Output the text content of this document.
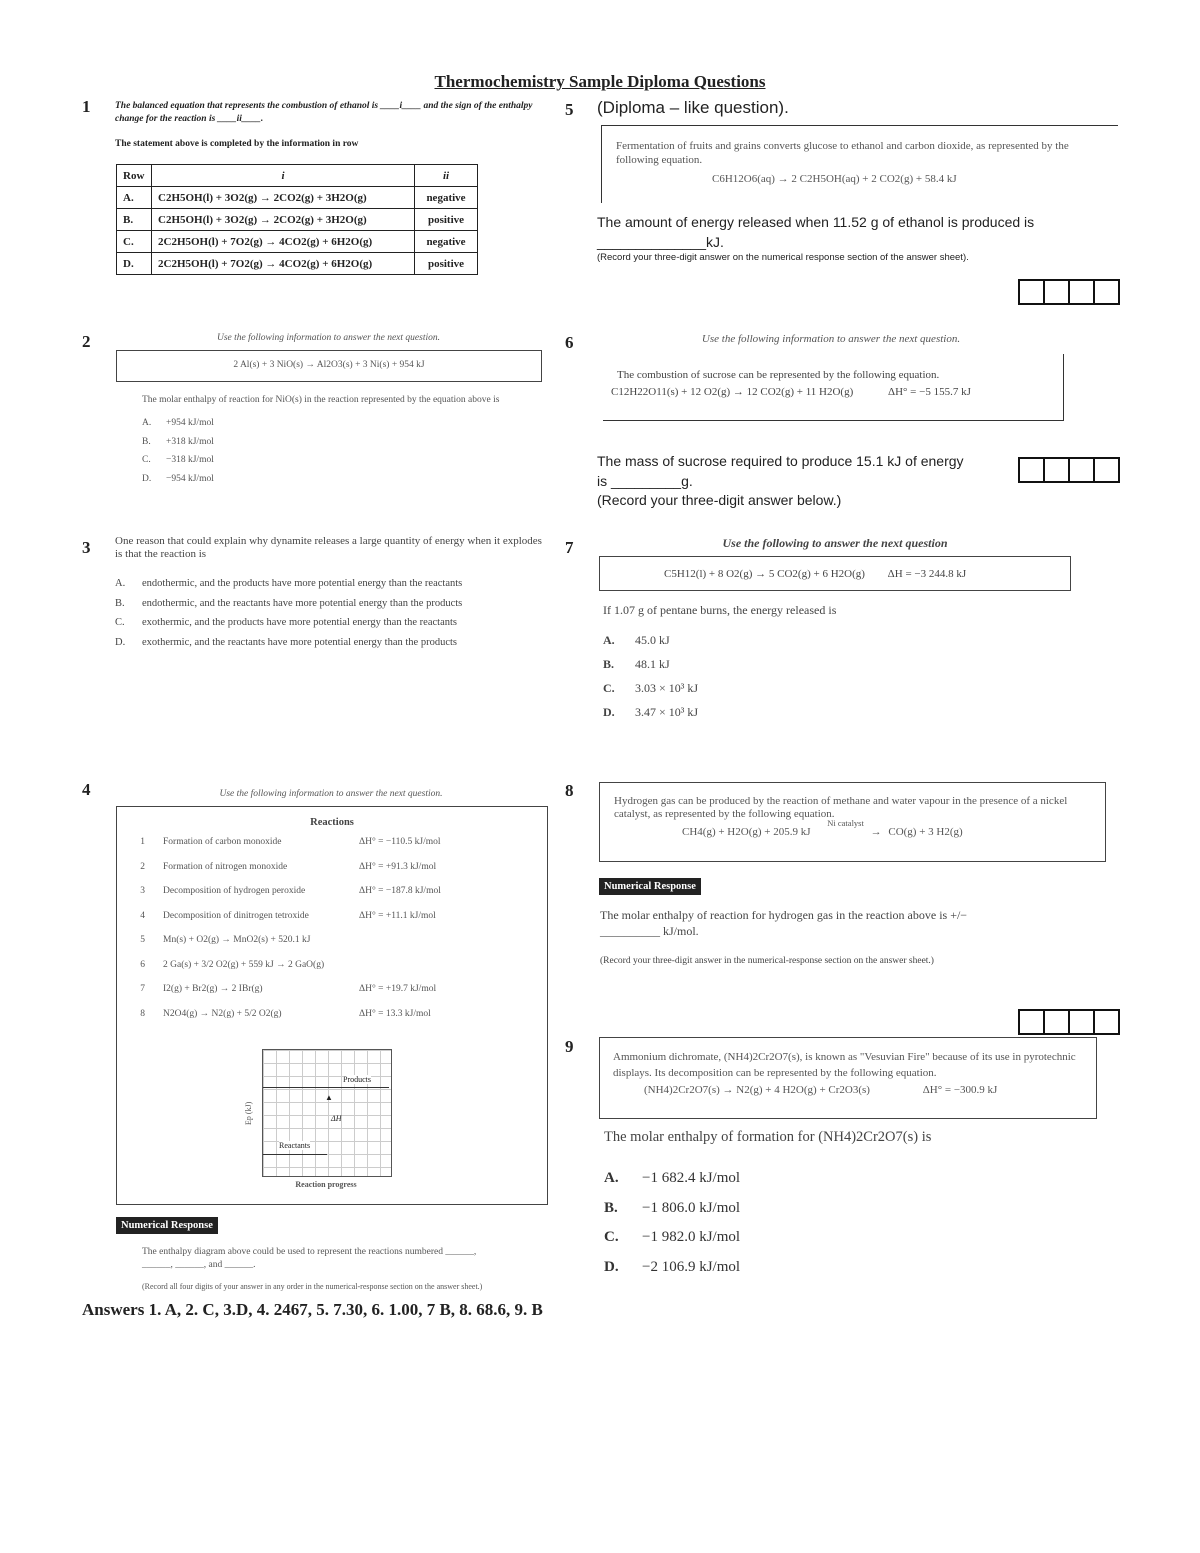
Thermochemistry Sample Diploma Questions
1	The balanced equation that represents the combustion of ethanol is ____i____ and the sign of the enthalpy change for the reaction is ____ii____.
The statement above is completed by the information in row
Row	i	ii
A.	C2H5OH(l) + 3O2(g) → 2CO2(g) + 3H2O(g)	negative
B.	C2H5OH(l) + 3O2(g) → 2CO2(g) + 3H2O(g)	positive
C.	2C2H5OH(l) + 7O2(g) → 4CO2(g) + 6H2O(g)	negative
D.	2C2H5OH(l) + 7O2(g) → 4CO2(g) + 6H2O(g)	positive
5 (Diploma – like question).
Fermentation of fruits and grains converts glucose to ethanol and carbon dioxide, as represented by the following equation.
C6H12O6(aq) → 2 C2H5OH(aq) + 2 CO2(g) + 58.4 kJ
The amount of energy released when 11.52 g of ethanol is produced is ______________kJ.
(Record your three-digit answer on the numerical response section of the answer sheet).
2	Use the following information to answer the next question.
2 Al(s) + 3 NiO(s) → Al2O3(s) + 3 Ni(s) + 954 kJ
The molar enthalpy of reaction for NiO(s) in the reaction represented by the equation above is
A. +954 kJ/mol
B. +318 kJ/mol
C. −318 kJ/mol
D. −954 kJ/mol
6	Use the following information to answer the next question.
The combustion of sucrose can be represented by the following equation.
C12H22O11(s) + 12 O2(g) → 12 CO2(g) + 11 H2O(g)	ΔH° = −5 155.7 kJ
The mass of sucrose required to produce 15.1 kJ of energy is _________g.
(Record your three-digit answer below.)
3 One reason that could explain why dynamite releases a large quantity of energy when it explodes is that the reaction is
A. endothermic, and the products have more potential energy than the reactants
B. endothermic, and the reactants have more potential energy than the products
C. exothermic, and the products have more potential energy than the reactants
D. exothermic, and the reactants have more potential energy than the products
7	Use the following to answer the next question
C5H12(l) + 8 O2(g) → 5 CO2(g) + 6 H2O(g) ΔH = −3 244.8 kJ
If 1.07 g of pentane burns, the energy released is
A. 45.0 kJ
B. 48.1 kJ
C. 3.03 × 10³ kJ
D. 3.47 × 10³ kJ
4	Use the following information to answer the next question.
Reactions
1 Formation of carbon monoxide	ΔH° = −110.5 kJ/mol
2 Formation of nitrogen monoxide	ΔH° = +91.3 kJ/mol
3 Decomposition of hydrogen peroxide	ΔH° = −187.8 kJ/mol
4 Decomposition of dinitrogen tetroxide	ΔH° = +11.1 kJ/mol
5 Mn(s) + O2(g) → MnO2(s) + 520.1 kJ
6 2 Ga(s) + 3/2 O2(g) + 559 kJ → 2 GaO(g)
7 I2(g) + Br2(g) → 2 IBr(g)	ΔH° = +19.7 kJ/mol
8 N2O4(g) → N2(g) + 5/2 O2(g)	ΔH° = 13.3 kJ/mol
Products
Reactants
ΔH
▲
Ep (kJ)
Reaction progress
Numerical Response
The enthalpy diagram above could be used to represent the reactions numbered ______, ______, ______, and ______.
(Record all four digits of your answer in any order in the numerical-response section on the answer sheet.)
8
Hydrogen gas can be produced by the reaction of methane and water vapour in the presence of a nickel catalyst, as represented by the following equation.
CH4(g) + H2O(g) + 205.9 kJ Ni catalyst → CO(g) + 3 H2(g)
Numerical Response
The molar enthalpy of reaction for hydrogen gas in the reaction above is +/− __________ kJ/mol.
(Record your three-digit answer in the numerical-response section on the answer sheet.)
9
Ammonium dichromate, (NH4)2Cr2O7(s), is known as "Vesuvian Fire" because of its use in pyrotechnic displays. Its decomposition can be represented by the following equation.
(NH4)2Cr2O7(s) → N2(g) + 4 H2O(g) + Cr2O3(s)	ΔH° = −300.9 kJ
The molar enthalpy of formation for (NH4)2Cr2O7(s) is
A. −1 682.4 kJ/mol
B. −1 806.0 kJ/mol
C. −1 982.0 kJ/mol
D. −2 106.9 kJ/mol
Answers 1. A, 2. C, 3.D, 4. 2467, 5. 7.30, 6. 1.00, 7 B, 8. 68.6, 9. B
